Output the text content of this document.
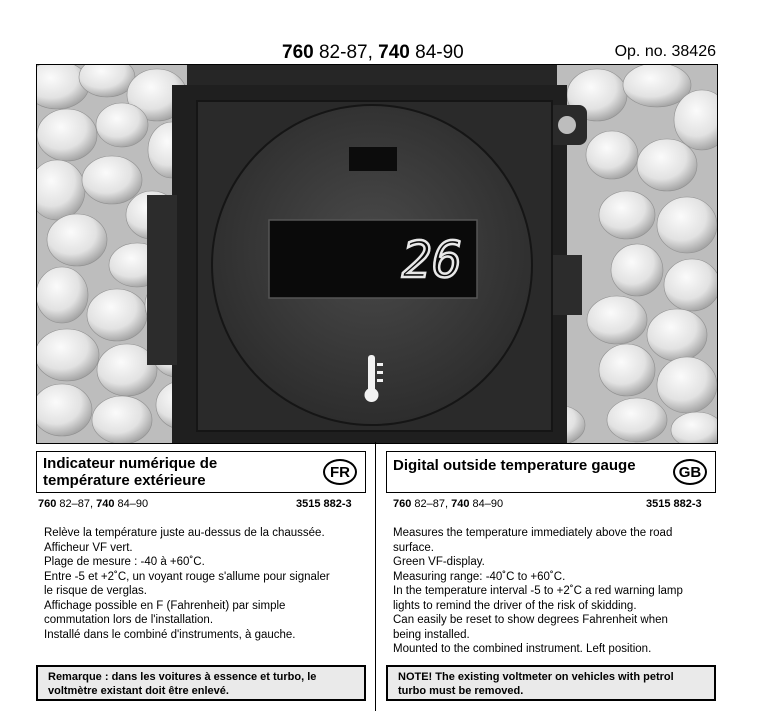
760 82-87, 740 84-90	Op. no. 38426
26
Indicateur numérique de
température extérieure	FR	Digital outside temperature gauge	GB
760 82–87, 740 84–90	3515 882-3	760 82–87, 740 84–90	3515 882-3
Relève la température juste au-dessus de la chaussée.
Afficheur VF vert.
Plage de mesure : -40 à +60˚C.
Entre -5 et +2˚C, un voyant rouge s'allume pour signaler
le risque de verglas.
Affichage possible en F (Fahrenheit) par simple
commutation lors de l'installation.
Installé dans le combiné d'instruments, à gauche.
Measures the temperature immediately above the road
surface.
Green VF-display.
Measuring range: -40˚C to +60˚C.
In the temperature interval -5 to +2˚C a red warning lamp
lights to remind the driver of the risk of skidding.
Can easily be reset to show degrees Fahrenheit when
being installed.
Mounted to the combined instrument. Left position.
Remarque : dans les voitures à essence et turbo, le
voltmètre existant doit être enlevé.
NOTE! The existing voltmeter on vehicles with petrol
turbo must be removed.
